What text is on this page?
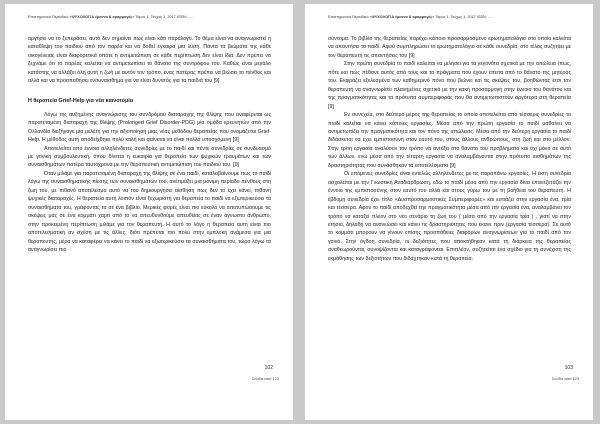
Επιστημονικό Περιοδικό «ΨΥΧΟΛΟΓΙΑ έρευνα & εφαρμογές» Τόμος 1, Τεύχος 1, 2017 ISSN: .....

αργήσει να το ξεπεράσει, αυτό δεν σημαίνει πως είναι κάτι παράλογο. Το θέμα είναι να αναγνωριστεί η καταθλιψη του παιδιού από τον παρέα και να δοθεί έγκαιρα μια λύση. Πάντα τα βιώματα της κάθε οικογένειας είναι διαφορετικά οπότε η αντιμετώπιση σε κάθε περίπτωση δεν είναι ίδια. Δεν πρέπει να ξεχνάμε ότι το παρέας καλείται να αντιμετωπίσει το θάνατο της συντρόφου του. Καθώς είναι μεγάλο κατάστης να αλλάξει όλη αυτή η ζωή με αυτόν τον τρόπο, ένας πατέρας πρέπει να βιώσει το πένθος και αλλά και να προσπαθήσει ενσυναισθημα για να είναι δυνατός για τα παιδιά του [9]

Η θεραπεία Grief-Help για νέα καινοτομία

Λόγω της αυξημένης αναγνώρισης του συνδρόμου διαταραχής της θλίψης που αναφέρεται ως παρατεταμένη διαταραχή της θλίψης (Prolonged Grief Disorder-PDG) μία ομάδα ερευνητών από την Ολλανδία διεξήγαγε μια μελέτη για την αξιοποίηση μιας νέας μεθόδου θεραπείας που ονομάζεται Grief-Help. Η μέθοδος αυτή αποδείχθηκε πολύ καλή και φαίνεται να είναι πολλά υποσχόμενη [9]

Αποτελείται από έννοια αλληλένδετες συνεδρίες με το παιδί και πέντε συνεδρίες σε συνδυασμό με γονική συμβουλευτική, όπου δίνεται η ευκαιρία για θεραπεία των ψυχικών τραυμάτων και των συναισθημάτων πατέρα ταυτόχρονα με την θεραπευτική αντιμετώπιση του παιδιού του. [9]

Όταν μιλάμε για παρατεταμένη διαταραχή της θλίψης σε ένα παιδί, καταλαβαίνουμε πως το παιδί λόγω της συναισθηματικής πίεσης των συναισθημάτων του, ανέτιμάξει μια μόνιμη περίοδο πένθους στη ζωή του, με πιθανό αποτέλεσμα αυτό να του δημιουργήσει αίσθηση πως δεν το έχει κάνει, πιθανή ψυχικές διαταραχές. Η θεραπεία αυτή λοιπόν είναι ξεχωριστή για θεραπεία το παιδί να εξωτερικεύσει τα συναισθήματα του, γράφοντας τα σε ένα βιβλίο. Μερικές φορές είναι πιο εύκολο να αποτυπώσουμε τις σκέψεις μας σε ένα κομμάτι χαρτί από το να απευθυνθούμε απευθείας σε έναν άγνωστο άνθρωπο, στην προκειμένη περίπτωση μιλάμε για τον θεραπευτή. Η αυτό το λόγο η θεραπεία αυτή είναι πιο αποτελεσματική αν σχέση με τις άλλες, διότι πρέπεται πιο πολύ στην εμπλοκή ανάμεσα για μια θεραπευτής, μέρα να καταφέρει να κάνει το παιδί να εξωτερικεύσει τα συναισθήματα του, τώρα λόγω τα αναγνωρίσει πιο

102
Σελίδα από 123
Επιστημονικό Περιοδικό «ΨΥΧΟΛΟΓΙΑ έρευνα & εφαρμογές» Τόμος 1, Τεύχος 1, 2017 ISSN: .....

σύντομα. Το βιβλίο της θεραπείας παρέχει κάποιο προσαρμοσμένο ερωτηματολόγιο στο οποίο καλείται να απαντήσει το παιδί. Αφού συμπληρώσει το ερωτηματολόγιο σε κάθε συνεδρία, στο τέλος συζητάει με τον θεραπευτή τις απαντήσεις του [9]

Στην πρώτη συνεδρία το παιδί καλείται να μιλήσει για τα γεγονότα σχετικά με την απώλεια (πως, πότε και πώς πέθανε αυτός από τους και τα πράγματα που έχουν έπειτα από το θάνατο της μητέρας του. Εκφράζει εξελεσμένα των καθημερινό πόνο που βιώνει και τις σκέψεις του, βοηθώντας έτσι τον θεραπευτή να αναγνωρίσει πλανημένες σχετικά με την κακή προσαρμογή στην έννοια του θανάτου και της πραγματικότητας και τα πρότυπα συμπεριφοράς που θα αντιμετωπιστούν αργότερα στη θεραπεία [9]

Εν συνεχεία, στο δεύτερο μέρος της θεραπείας το οποίο αποτελείται από τέσσερις συνεδρίες το παιδί καλείται να κάνει κάποιες εργασίες. Μέσα από την πρώτη εργασία το παιδί μαθαίνει να αντιμετωπίζει την πραγματικότητα και τον πόνο της απώλειας. Μέσα από την δεύτερη εργασία το παιδί διδάσκεται να έχει εμπιστοσύνη στον εαυτό του, στους άλλους ανθρώπους, στη ζωή και στο μέλλον. Στην τρίτη εργασία αναλύουν τον τρόπο να αντέξει στο θάνατο του προβλήματα και όχι μόνο σε αυτό των άλλων, ενώ μέσα από την τέταρτη εργασία να αναλαμβάνονται στην πρότυπο αισθημάτων της δραστηριότητας που συνάσθηκαν τα αποτελέσματα [9]

Οι επόμενες συνεδρίες είναι εντελώς αλληλένδετες με τις παραπάνω εργασίες. Η έκτη συνεδρία ασχολείται με την Γνωστική Αναδιάρθρωση, εδώ το παιδί μέσα από την εργασία δίνει επανεξετάζει την έννοια της εμπιστοσύνης στον εαυτό του αλλά και στους γύρω του με τη βοήθεια του θεραπευτή. Η έβδομη συνεδρία έχει τίτλο «Δυσπροσαρμοστικές Συμπεριφορές» και εστιάζει στην εργασία ένα, τρία και τέσσερα. Αφού το παιδί αποδεχθεί την πραγματικότητα μέσα από την εργασία ένα, αναλαμβάνει τον τρόπο να καταξεί πλέον στο νέο σενάριο τη ζωή του ( μέσα από την εργασία τρία ) , γιατί να στην ετήσιο, δηλαδή να ανανεώσει και κάνει τις δραστηριότητες που έκανε πριν (εργασία τέσσερα). Σε αυτό το κομμάτι μπορούν να γίνουν επίσης προσπάθειες διαφόρων αναγνωρίσεων για το παιδί από τον γονιό. Στην όγδοη συνεδρία, οι δεξιότητες που αποκτήθηκαν κατά τη διάρκεια της θεραπείας αναθεωρούνται, συνοψίζονται και καταγράφονται. Επιπλέον, συζητείται ένα σχέδιο για τη συνέχιση της εκμάθησης των δεξιοτήτων που διδάχτηκαν κατά τη θεραπεία.

103
Σελίδα από 123
